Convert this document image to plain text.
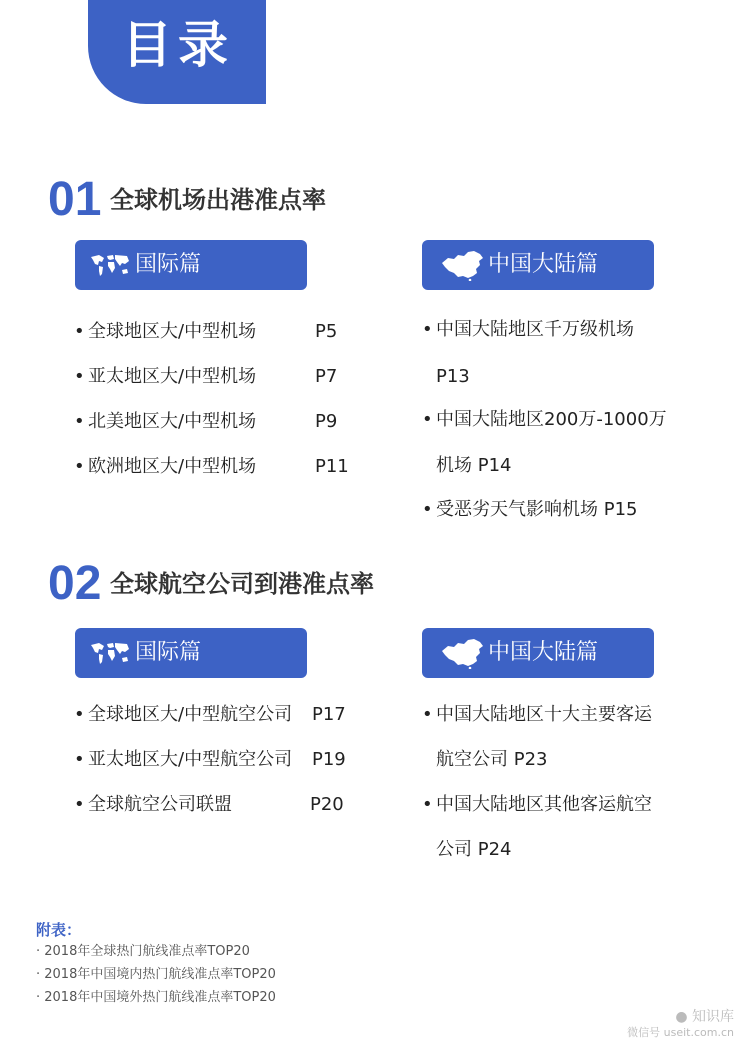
目录
01 全球机场出港准点率
国际篇	中国大陆篇
• 全球地区大/中型机场	P5
• 亚太地区大/中型机场	P7
• 北美地区大/中型机场	P9
• 欧洲地区大/中型机场	P11
• 中国大陆地区千万级机场
P13
• 中国大陆地区200万-1000万
机场 P14
• 受恶劣天气影响机场 P15
02 全球航空公司到港准点率
国际篇	中国大陆篇
• 全球地区大/中型航空公司 P17
• 亚太地区大/中型航空公司 P19
• 全球航空公司联盟	P20
• 中国大陆地区十大主要客运
航空公司 P23
• 中国大陆地区其他客运航空
公司 P24
附表：
· 2018年全球热门航线准点率TOP20
· 2018年中国境内热门航线准点率TOP20
· 2018年中国境外热门航线准点率TOP20
● 知识库
微信号 useit.com.cn
